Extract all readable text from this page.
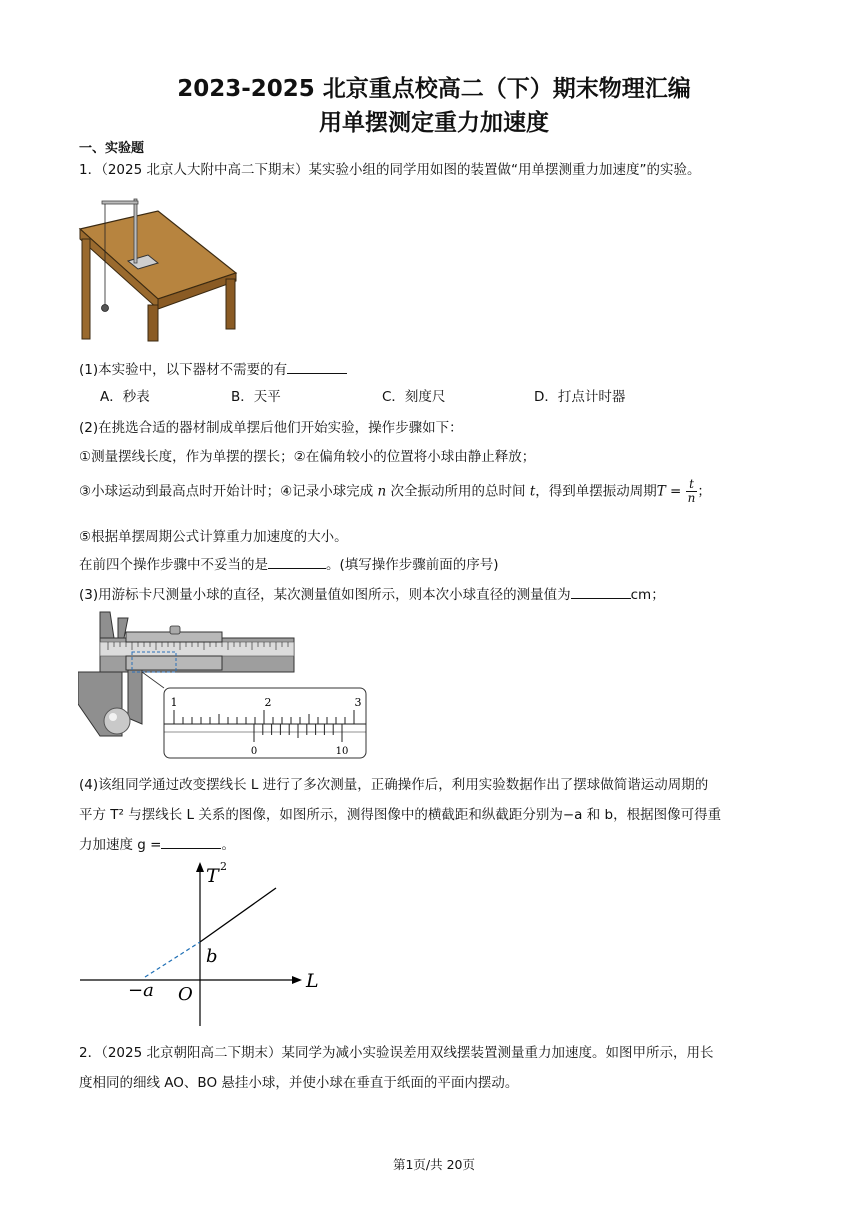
2023-2025 北京重点校高二（下）期末物理汇编
用单摆测定重力加速度
一、实验题
1．（2025 北京人大附中高二下期末）某实验小组的同学用如图的装置做“用单摆测重力加速度”的实验。
(1)本实验中，以下器材不需要的有
A．秒表	B．天平	C．刻度尺	D．打点计时器
(2)在挑选合适的器材制成单摆后他们开始实验，操作步骤如下：
①测量摆线长度，作为单摆的摆长；②在偏角较小的位置将小球由静止释放；
③小球运动到最高点时开始计时；④记录小球完成 n 次全振动所用的总时间 t，得到单摆振动周期$T = \frac{t}{n}$ ；
⑤根据单摆周期公式计算重力加速度的大小。
在前四个操作步骤中不妥当的是	。(填写操作步骤前面的序号)
(3)用游标卡尺测量小球的直径，某次测量值如图所示，则本次小球直径的测量值为	cm；
1	2	3
0	10
(4)该组同学通过改变摆线长 L 进行了多次测量，正确操作后，利用实验数据作出了摆球做简谐运动周期的
平方 T² 与摆线长 L 关系的图像，如图所示，测得图像中的横截距和纵截距分别为−a 和 b，根据图像可得重
力加速度 g =	。
T 2
L
O
b
−a
2．（2025 北京朝阳高二下期末）某同学为减小实验误差用双线摆装置测量重力加速度。如图甲所示，用长
度相同的细线 AO、BO 悬挂小球，并使小球在垂直于纸面的平面内摆动。
第1页/共 20页
